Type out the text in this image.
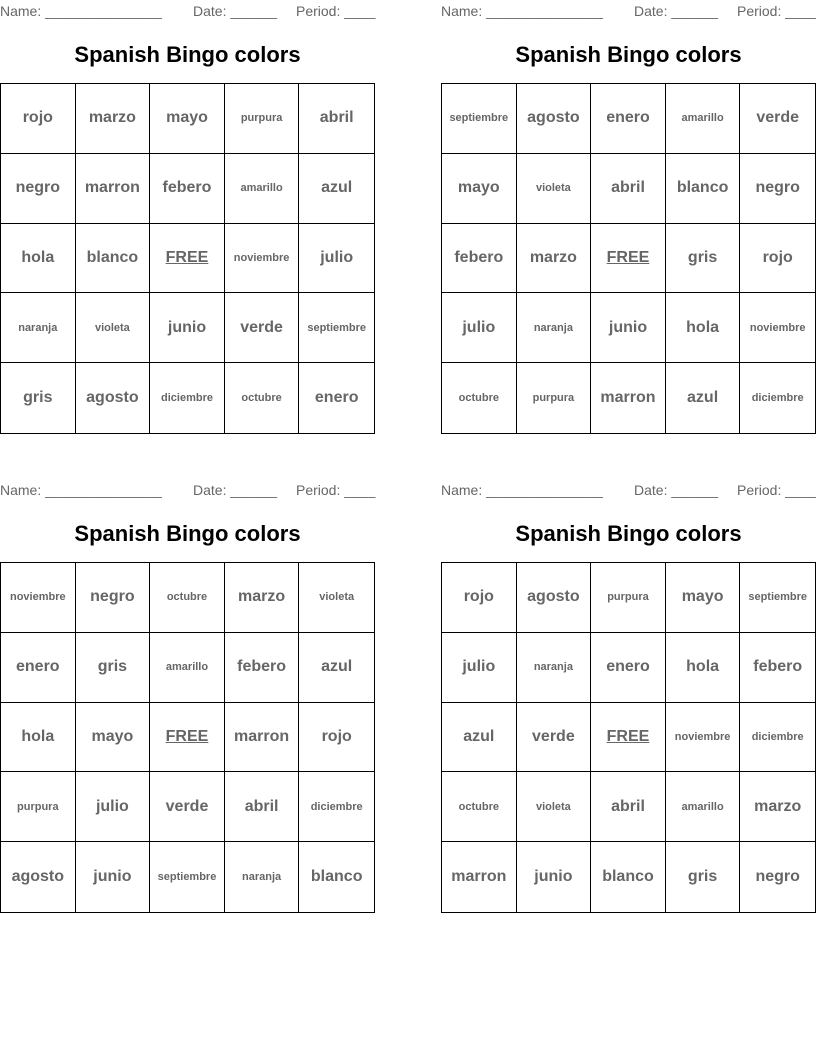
Name: _______________ Date: ______ Period: ____
Spanish Bingo colors
rojo marzo mayo	purpura abril
negro marron febero	amarillo azul
hola blanco FREE noviembre julio
naranja	violeta junio verde septiembre
gris agosto diciembre	octubre enero
Name: _______________ Date: ______ Period: ____
Spanish Bingo colors
septiembre agosto enero	amarillo verde
mayo	violeta	abril blanco negro
febero marzo FREE gris	rojo
julio	naranja junio hola	noviembre
octubre	purpura marron azul	diciembre
Name: _______________ Date: ______ Period: ____
Spanish Bingo colors
noviembre negro	octubre marzo	violeta
enero gris	amarillo febero azul
hola mayo FREE marron rojo
purpura julio verde abril	diciembre
agosto junio septiembre naranja blanco
Name: _______________ Date: ______ Period: ____
Spanish Bingo colors
rojo agosto	purpura mayo septiembre
julio	naranja enero hola febero
azul verde FREE noviembre diciembre
octubre	violeta	abril	amarillo marzo
marron junio blanco gris negro
